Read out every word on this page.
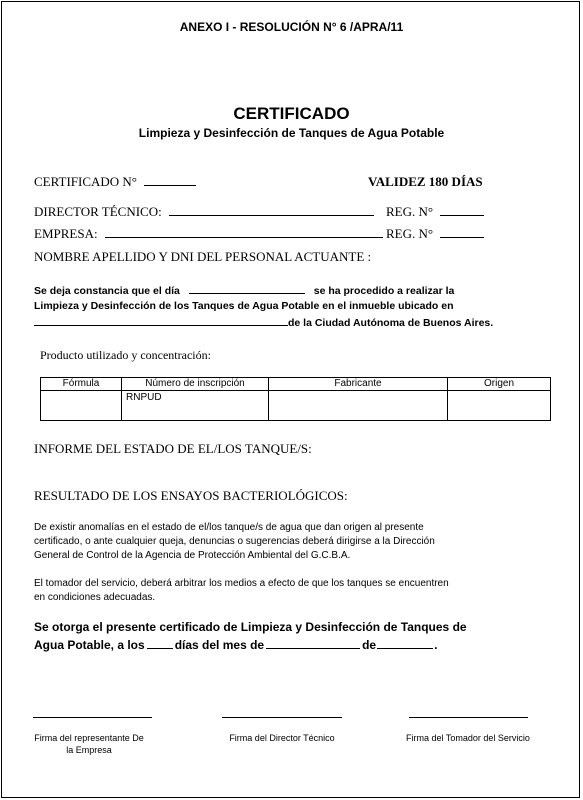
ANEXO I - RESOLUCIÓN N° 6 /APRA/11
CERTIFICADO
Limpieza y Desinfección de Tanques de Agua Potable
CERTIFICADO N°	VALIDEZ 180 DÍAS
DIRECTOR TÉCNICO:	REG. N°
EMPRESA:	REG. N°
NOMBRE APELLIDO Y DNI DEL PERSONAL ACTUANTE :
Se deja constancia que el día	se ha procedido a realizar la
Limpieza y Desinfección de los Tanques de Agua Potable en el inmueble ubicado en
de la Ciudad Autónoma de Buenos Aires.
Producto utilizado y concentración:
Fórmula	Número de inscripción	Fabricante	Origen
	RNPUD		
INFORME DEL ESTADO DE EL/LOS TANQUE/S:
RESULTADO DE LOS ENSAYOS BACTERIOLÓGICOS:
De existir anomalías en el estado de el/los tanque/s de agua que dan origen al presente
certificado, o ante cualquier queja, denuncias o sugerencias deberá dirigirse a la Dirección
General de Control de la Agencia de Protección Ambiental del G.C.B.A.
El tomador del servicio, deberá arbitrar los medios a efecto de que los tanques se encuentren
en condiciones adecuadas.
Se otorga el presente certificado de Limpieza y Desinfección de Tanques de
Agua Potable, a los	días del mes de	de	.
Firma del representante De la Empresa
Firma del Director Técnico	Firma del Tomador del Servicio
